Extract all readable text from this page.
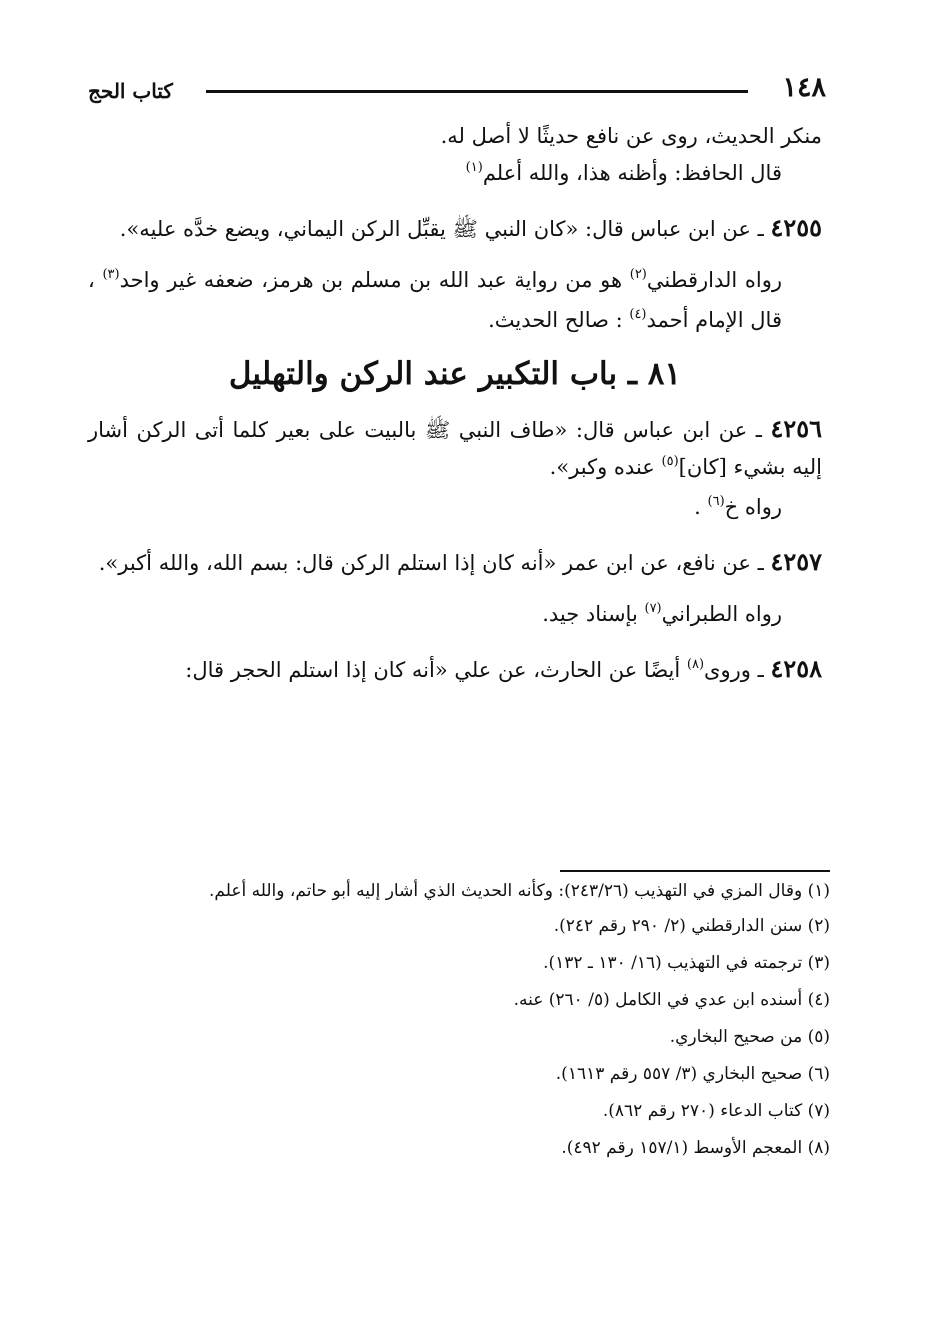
١٤٨
كتاب الحج

منكر الحديث، روى عن نافع حديثًا لا أصل له.

قال الحافظ: وأظنه هذا، والله أعلم$^{(١)}$

٤٢٥٥ ـ عن ابن عباس قال: «كان النبي ﷺ يقبِّل الركن اليماني، ويضع خدَّه عليه».

رواه الدارقطني$^{(٢)}$ هو من رواية عبد الله بن مسلم بن هرمز، ضعفه غير واحد$^{(٣)}$ ، قال الإمام أحمد$^{(٤)}$ : صالح الحديث.

٨١ ـ باب التكبير عند الركن والتهليل

٤٢٥٦ ـ عن ابن عباس قال: «طاف النبي ﷺ بالبيت على بعير كلما أتى الركن أشار إليه بشيء [كان]$^{(٥)}$ عنده وكبر».

رواه خ$^{(٦)}$ .

٤٢٥٧ ـ عن نافع، عن ابن عمر «أنه كان إذا استلم الركن قال: بسم الله، والله أكبر».

رواه الطبراني$^{(٧)}$ بإسناد جيد.

٤٢٥٨ ـ وروى$^{(٨)}$ أيضًا عن الحارث، عن علي «أنه كان إذا استلم الحجر قال:

(١) وقال المزي في التهذيب (٢٤٣/٢٦): وكأنه الحديث الذي أشار إليه أبو حاتم، والله أعلم.

(٢) سنن الدارقطني (٢/ ٢٩٠ رقم ٢٤٢).

(٣) ترجمته في التهذيب (١٦/ ١٣٠ ـ ١٣٢).

(٤) أسنده ابن عدي في الكامل (٥/ ٢٦٠) عنه.

(٥) من صحيح البخاري.

(٦) صحيح البخاري (٣/ ٥٥٧ رقم ١٦١٣).

(٧) كتاب الدعاء (٢٧٠ رقم ٨٦٢).

(٨) المعجم الأوسط (١٥٧/١ رقم ٤٩٢).
